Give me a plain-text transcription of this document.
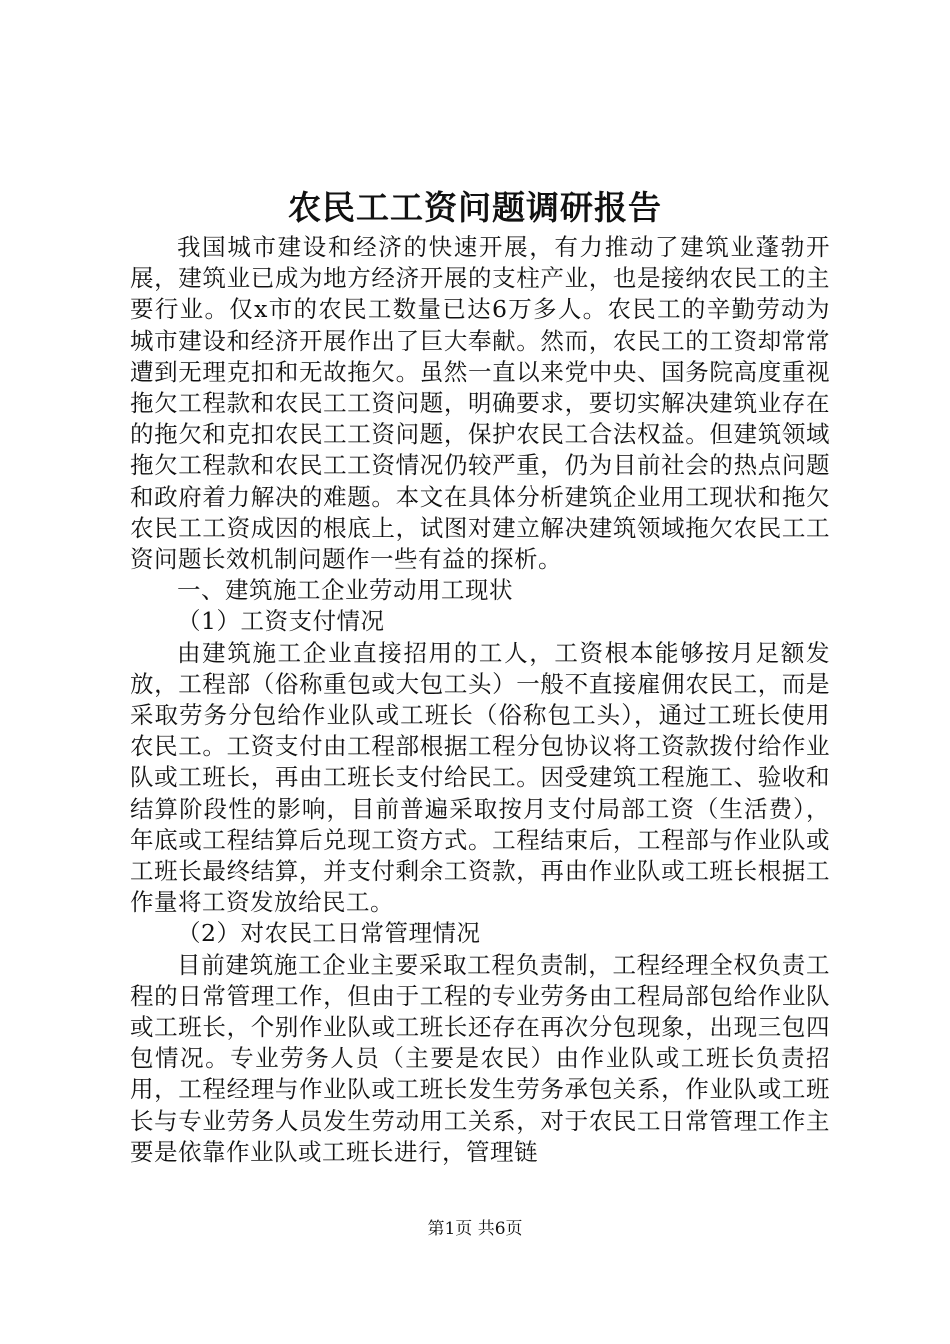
农民工工资问题调研报告

我国城市建设和经济的快速开展，有力推动了建筑业蓬勃开展，建筑业已成为地方经济开展的支柱产业，也是接纳农民工的主要行业。仅x市的农民工数量已达6万多人。农民工的辛勤劳动为城市建设和经济开展作出了巨大奉献。然而，农民工的工资却常常遭到无理克扣和无故拖欠。虽然一直以来党中央、国务院高度重视拖欠工程款和农民工工资问题，明确要求，要切实解决建筑业存在的拖欠和克扣农民工工资问题，保护农民工合法权益。但建筑领域拖欠工程款和农民工工资情况仍较严重，仍为目前社会的热点问题和政府着力解决的难题。本文在具体分析建筑企业用工现状和拖欠农民工工资成因的根底上，试图对建立解决建筑领域拖欠农民工工资问题长效机制问题作一些有益的探析。

一、建筑施工企业劳动用工现状

（1）工资支付情况

由建筑施工企业直接招用的工人，工资根本能够按月足额发放，工程部（俗称重包或大包工头）一般不直接雇佣农民工，而是采取劳务分包给作业队或工班长（俗称包工头），通过工班长使用农民工。工资支付由工程部根据工程分包协议将工资款拨付给作业队或工班长，再由工班长支付给民工。因受建筑工程施工、验收和结算阶段性的影响，目前普遍采取按月支付局部工资（生活费），年底或工程结算后兑现工资方式。工程结束后，工程部与作业队或工班长最终结算，并支付剩余工资款，再由作业队或工班长根据工作量将工资发放给民工。

（2）对农民工日常管理情况

目前建筑施工企业主要采取工程负责制，工程经理全权负责工程的日常管理工作，但由于工程的专业劳务由工程局部包给作业队或工班长，个别作业队或工班长还存在再次分包现象，出现三包四包情况。专业劳务人员（主要是农民）由作业队或工班长负责招用，工程经理与作业队或工班长发生劳务承包关系，作业队或工班长与专业劳务人员发生劳动用工关系，对于农民工日常管理工作主要是依靠作业队或工班长进行，管理链

第1页 共6页
